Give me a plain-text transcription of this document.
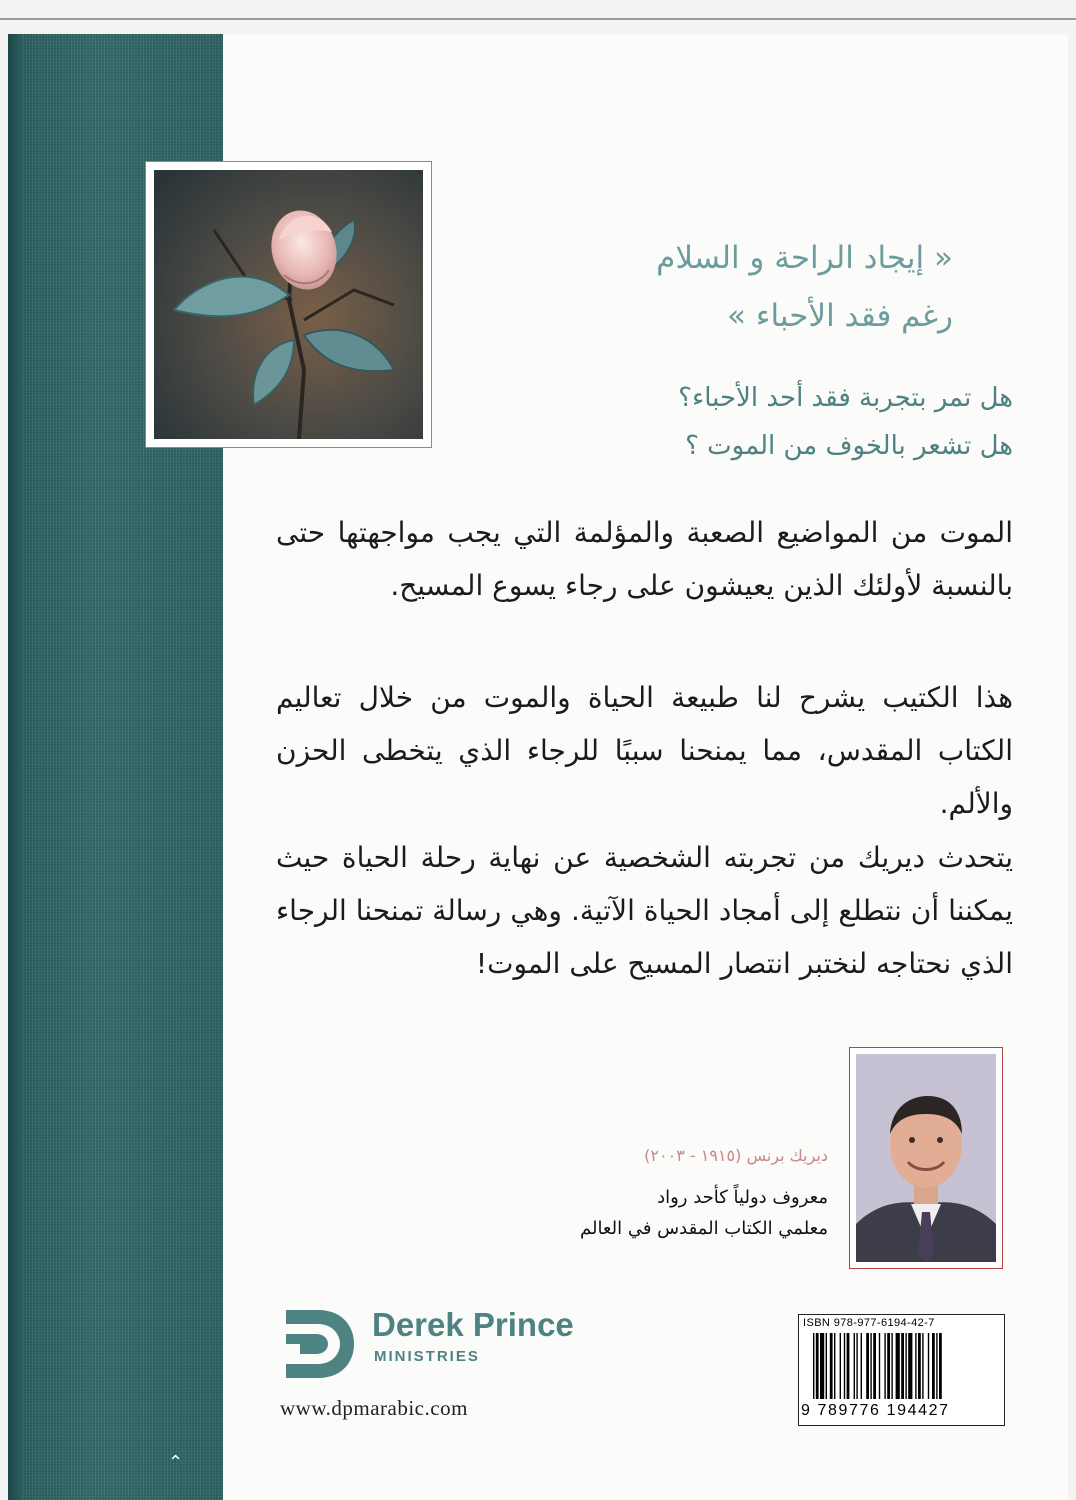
⌃
« إيجاد الراحة و السلام
رغم فقد الأحباء »
هل تمر بتجربة فقد أحد الأحباء؟
هل تشعر بالخوف من الموت ؟
الموت من المواضيع الصعبة والمؤلمة التي يجب مواجهتها حتى بالنسبة لأولئك الذين يعيشون على رجاء يسوع المسيح.
هذا الكتيب يشرح لنا طبيعة الحياة والموت من خلال تعاليم الكتاب المقدس، مما يمنحنا سببًا للرجاء الذي يتخطى الحزن والألم.
يتحدث ديريك من تجربته الشخصية عن نهاية رحلة الحياة حيث يمكننا أن نتطلع إلى أمجاد الحياة الآتية. وهي رسالة تمنحنا الرجاء الذي نحتاجه لنختبر انتصار المسيح على الموت!
ديريك برنس (١٩١٥ - ٢٠٠٣)
معروف دولياً كأحد رواد
معلمي الكتاب المقدس في العالم
Derek Prince
MINISTRIES
www.dpmarabic.com
ISBN 978-977-6194-42-7
9 789776 194427
